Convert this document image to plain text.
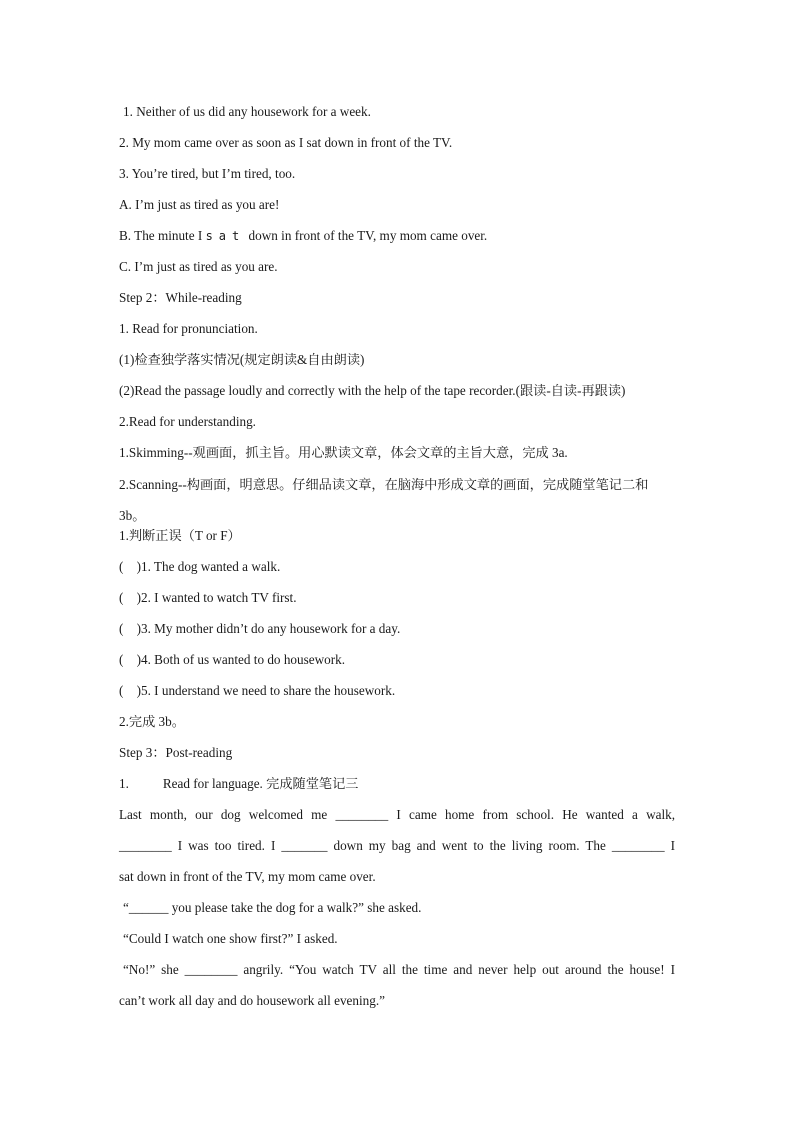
1. Neither of us did any housework for a week.
2. My mom came over as soon as I sat down in front of the TV.
3. You’re tired, but I’m tired, too.
A. I’m just as tired as you are!
B. The minute I sat down in front of the TV, my mom came over.
C. I’m just as tired as you are.
Step 2：While-reading
1. Read for pronunciation.
(1)检查独学落实情况(规定朗读&自由朗读)
(2)Read the passage loudly and correctly with the help of the tape recorder.(跟读-自读-再跟读)
2.Read for understanding.
1.Skimming--观画面，抓主旨。用心默读文章，体会文章的主旨大意，完成 3a.
2.Scanning--构画面，明意思。仔细品读文章，在脑海中形成文章的画面，完成随堂笔记二和 3b。
1.判断正误（T or F）
(    )1. The dog wanted a walk.
(    )2. I wanted to watch TV first.
(    )3. My mother didn’t do any housework for a day.
(    )4. Both of us wanted to do housework.
(    )5. I understand we need to share the housework.
2.完成 3b。
Step 3：Post-reading
1.	Read for language. 完成随堂笔记三
Last month, our dog welcomed me ________ I came home from school. He wanted a walk,
________ I was too tired. I _______ down my bag and went to the living room. The ________ I
sat down in front of the TV, my mom came over.
“______ you please take the dog for a walk?” she asked.
“Could I watch one show first?” I asked.
“No!” she ________ angrily. “You watch TV all the time and never help out around the house! I
can’t work all day and do housework all evening.”
